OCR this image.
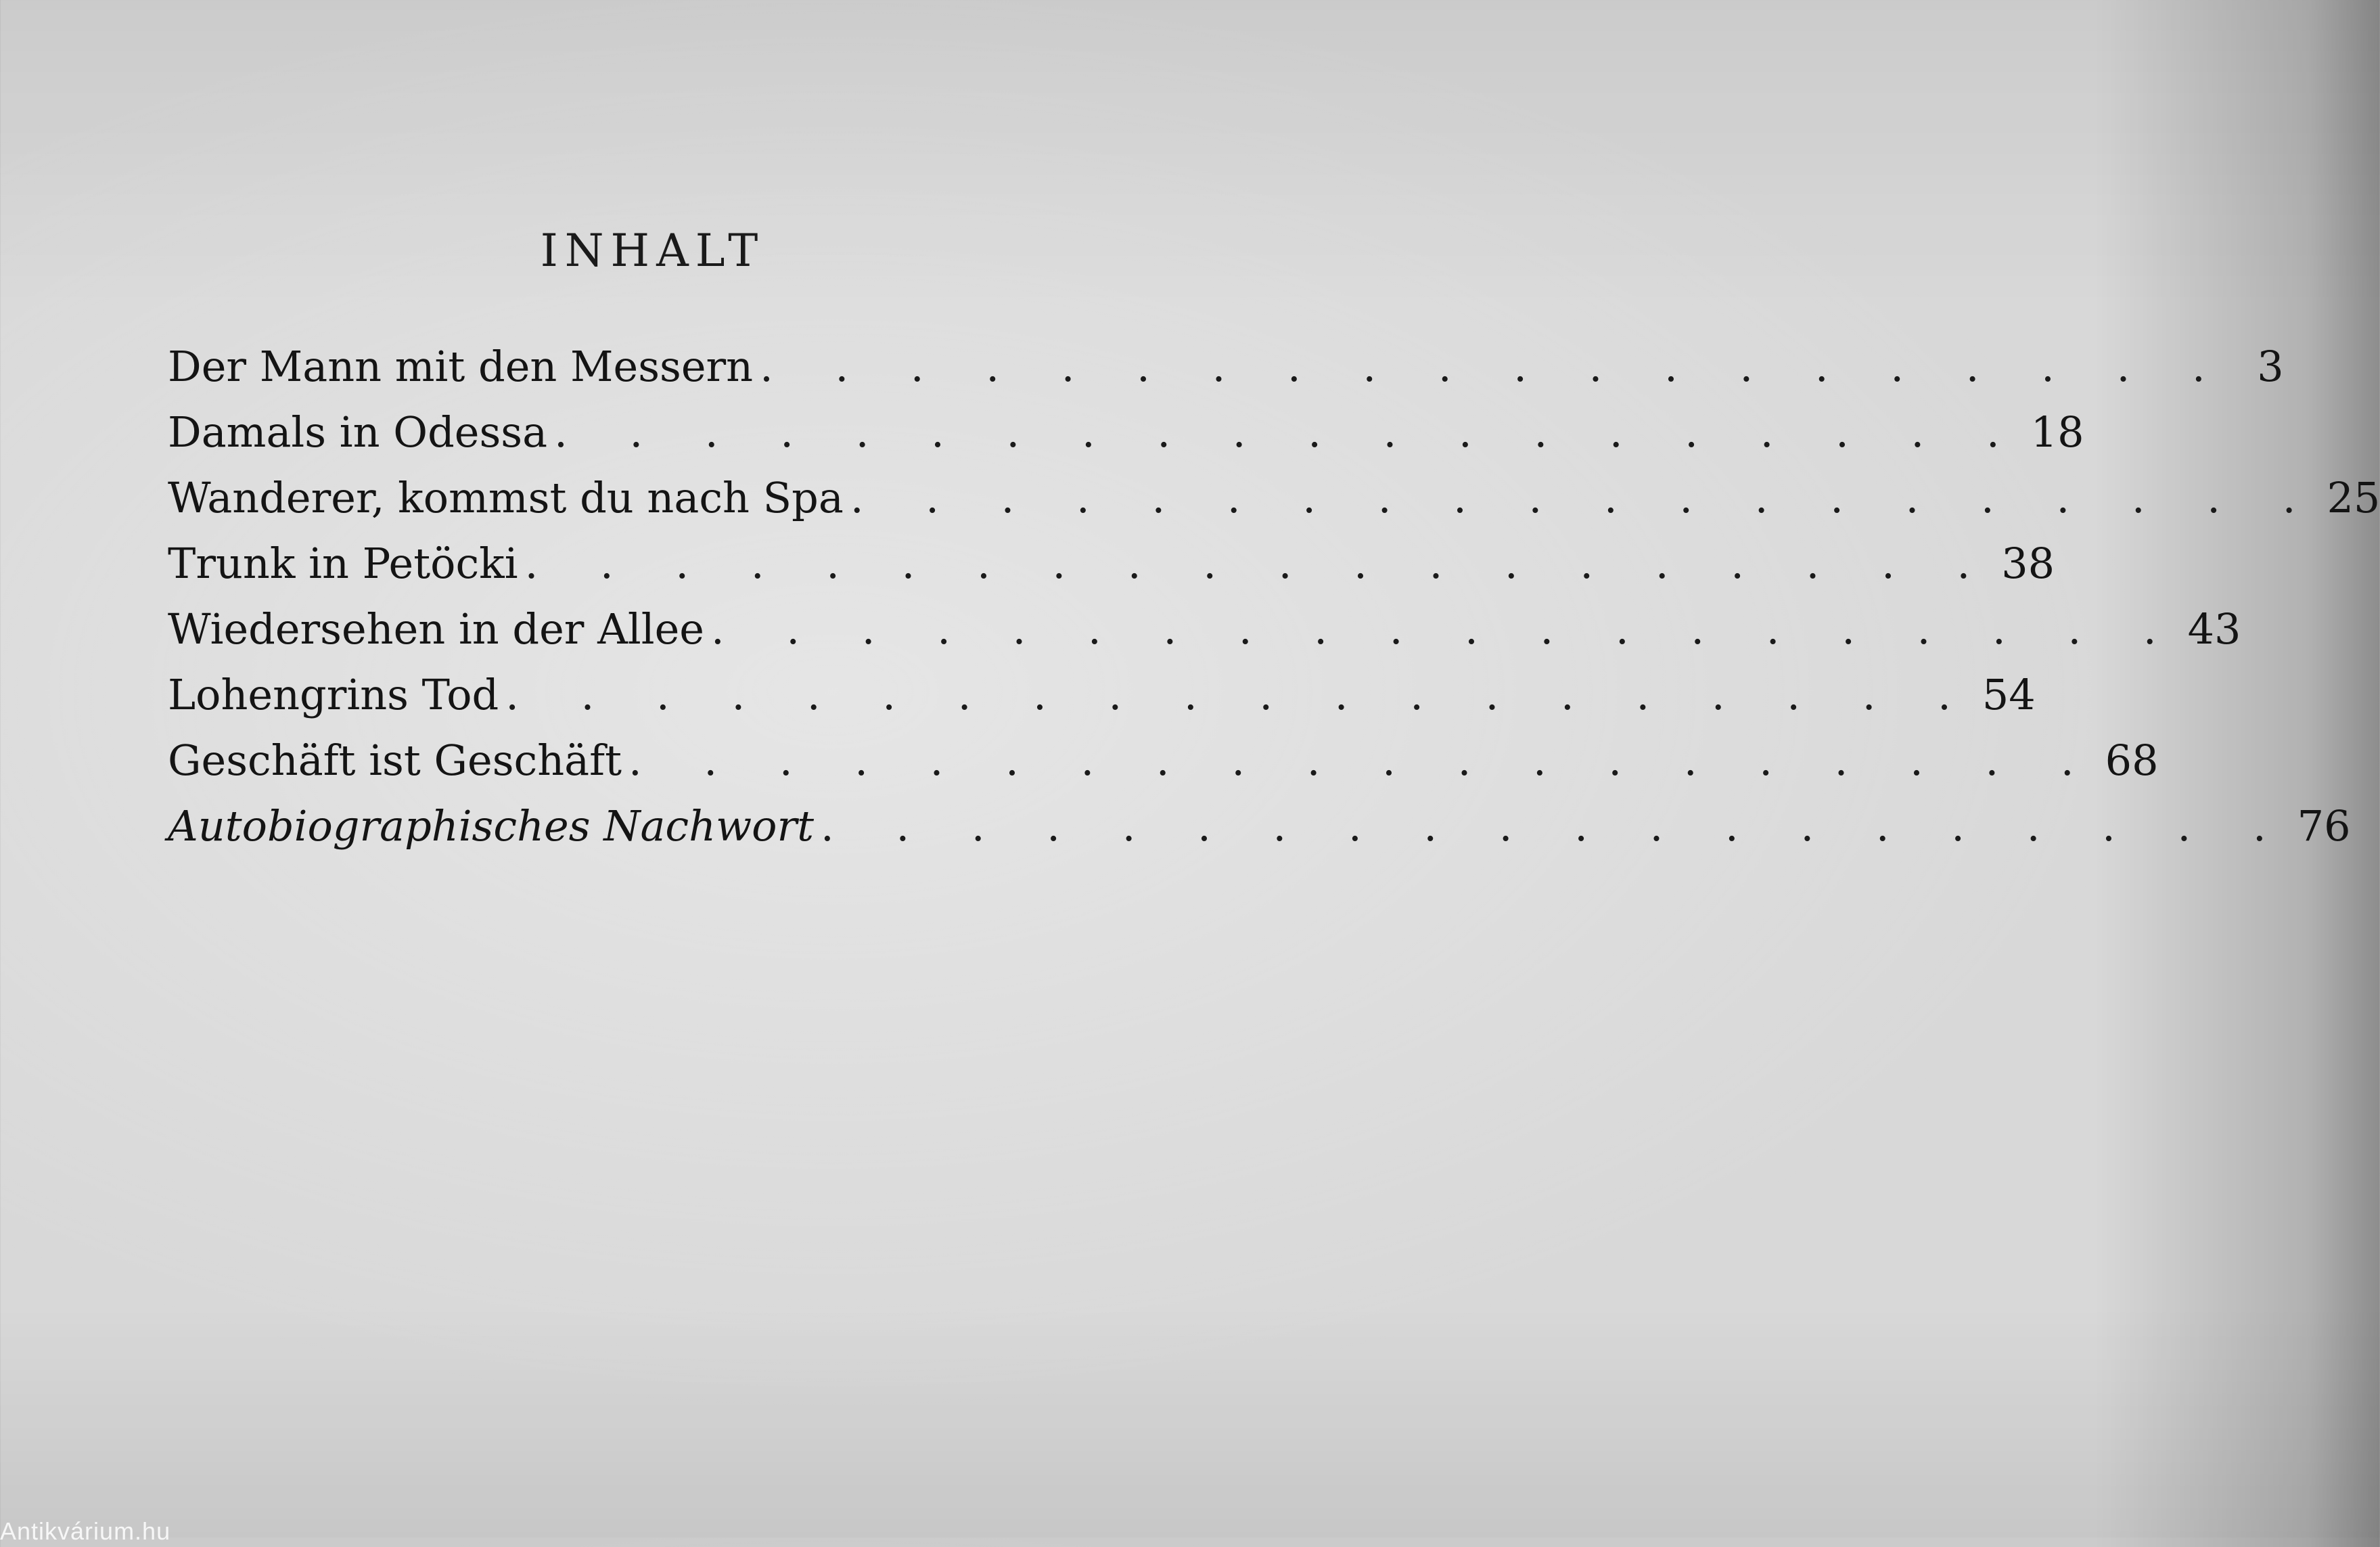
INHALT
Der Mann mit den Messern . . . . . . . . . . . . . . . . . . . . 3
Damals in Odessa . . . . . . . . . . . . . . . . . . . . 18
Wanderer, kommst du nach Spa . . . . . . . . . . . . . . . . . . . . 25
Trunk in Petöcki . . . . . . . . . . . . . . . . . . . . 38
Wiedersehen in der Allee . . . . . . . . . . . . . . . . . . . . 43
Lohengrins Tod . . . . . . . . . . . . . . . . . . . . 54
Geschäft ist Geschäft . . . . . . . . . . . . . . . . . . . . 68
Autobiographisches Nachwort . . . . . . . . . . . . . . . . . . . . 76
Antikvárium.hu
